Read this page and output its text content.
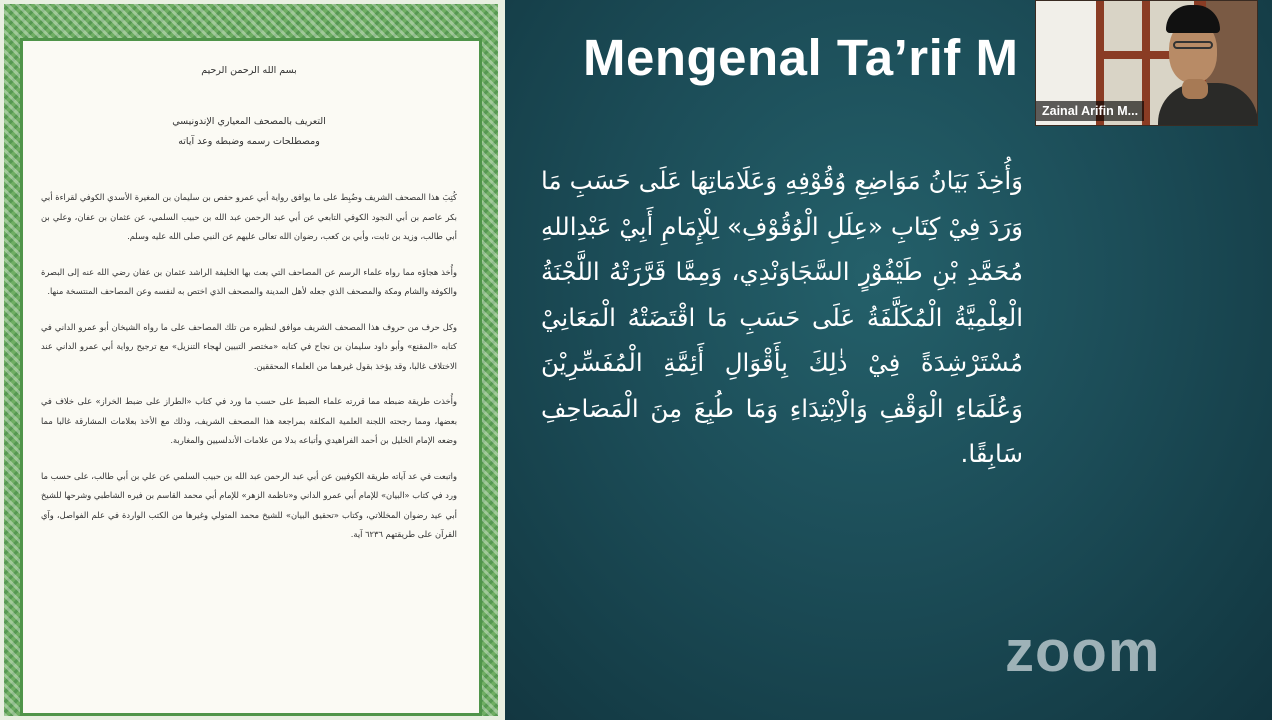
بسم الله الرحمن الرحيم
التعريف بالمصحف المعياري الإندونيسي
ومصطلحات رسمه وضبطه وعد آياته

كُتِبَ هذا المصحف الشريف وضُبِط على ما يوافق رواية أبي عمرو حفص بن سليمان بن المغيرة الأسدي الكوفي لقراءة أبي بكر عاصم بن أبي النجود الكوفي التابعي عن أبي عبد الرحمن عبد الله بن حبيب السلمي، عن عثمان بن عفان، وعلي بن أبي طالب، وزيد بن ثابت، وأبي بن كعب، رضوان الله تعالى عليهم عن النبي صلى الله عليه وسلم.

وأُخذ هجاؤه مما رواه علماء الرسم عن المصاحف التي بعث بها الخليفة الراشد عثمان بن عفان رضي الله عنه إلى البصرة والكوفة والشام ومكة والمصحف الذي جعله لأهل المدينة والمصحف الذي اختص به لنفسه وعن المصاحف المنتسخة منها.

وكل حرف من حروف هذا المصحف الشريف موافق لنظيره من تلك المصاحف على ما رواه الشيخان أبو عمرو الداني في كتابه «المقنع» وأبو داود سليمان بن نجاح في كتابه «مختصر التبيين لهجاء التنزيل» مع ترجيح رواية أبي عمرو الداني عند الاختلاف غالبا، وقد يؤخذ بقول غيرهما من العلماء المحققين.

وأُخذت طريقة ضبطه مما قررته علماء الضبط على حسب ما ورد في كتاب «الطراز على ضبط الخراز» على خلاف في بعضها، ومما رجحته اللجنة العلمية المكلفة بمراجعة هذا المصحف الشريف، وذلك مع الأخذ بعلامات المشارقة غالبا مما وضعه الإمام الخليل بن أحمد الفراهيدي وأتباعه بدلا من علامات الأندلسيين والمغاربة.

واتبعت في عد آياته طريقة الكوفيين عن أبي عبد الرحمن عبد الله بن حبيب السلمي عن علي بن أبي طالب، على حسب ما ورد في كتاب «البيان» للإمام أبي عمرو الداني و«ناظمة الزهر» للإمام أبي محمد القاسم بن فيره الشاطبي وشرحها للشيخ أبي عيد رضوان المخللاتي، وكتاب «تحقيق البيان» للشيخ محمد المتولي وغيرها من الكتب الواردة في علم الفواصل، وآي القرآن على طريقتهم ٦٢٣٦ آية.

Mengenal Ta’rif M
وَأُخِذَ بَيَانُ مَوَاضِعِ وُقُوْفِهِ وَعَلَامَاتِهَا عَلَى حَسَبِ مَا وَرَدَ فِيْ كِتَابِ «عِلَلِ الْوُقُوْفِ» لِلْإِمَامِ أَبِيْ عَبْدِاللهِ مُحَمَّدِ بْنِ طَيْفُوْرٍ السَّجَاوَنْدِي، وَمِمَّا قَرَّرَتْهُ اللَّجْنَةُ الْعِلْمِيَّةُ الْمُكَلَّفَةُ عَلَى حَسَبِ مَا اقْتَضَتْهُ الْمَعَانِيْ مُسْتَرْشِدَةً فِيْ ذٰلِكَ بِأَقْوَالِ أَئِمَّةِ الْمُفَسِّرِيْنَ وَعُلَمَاءِ الْوَقْفِ وَالْاِبْتِدَاءِ وَمَا طُبِعَ مِنَ الْمَصَاحِفِ سَابِقًا.
zoom
Zainal Arifin M...
